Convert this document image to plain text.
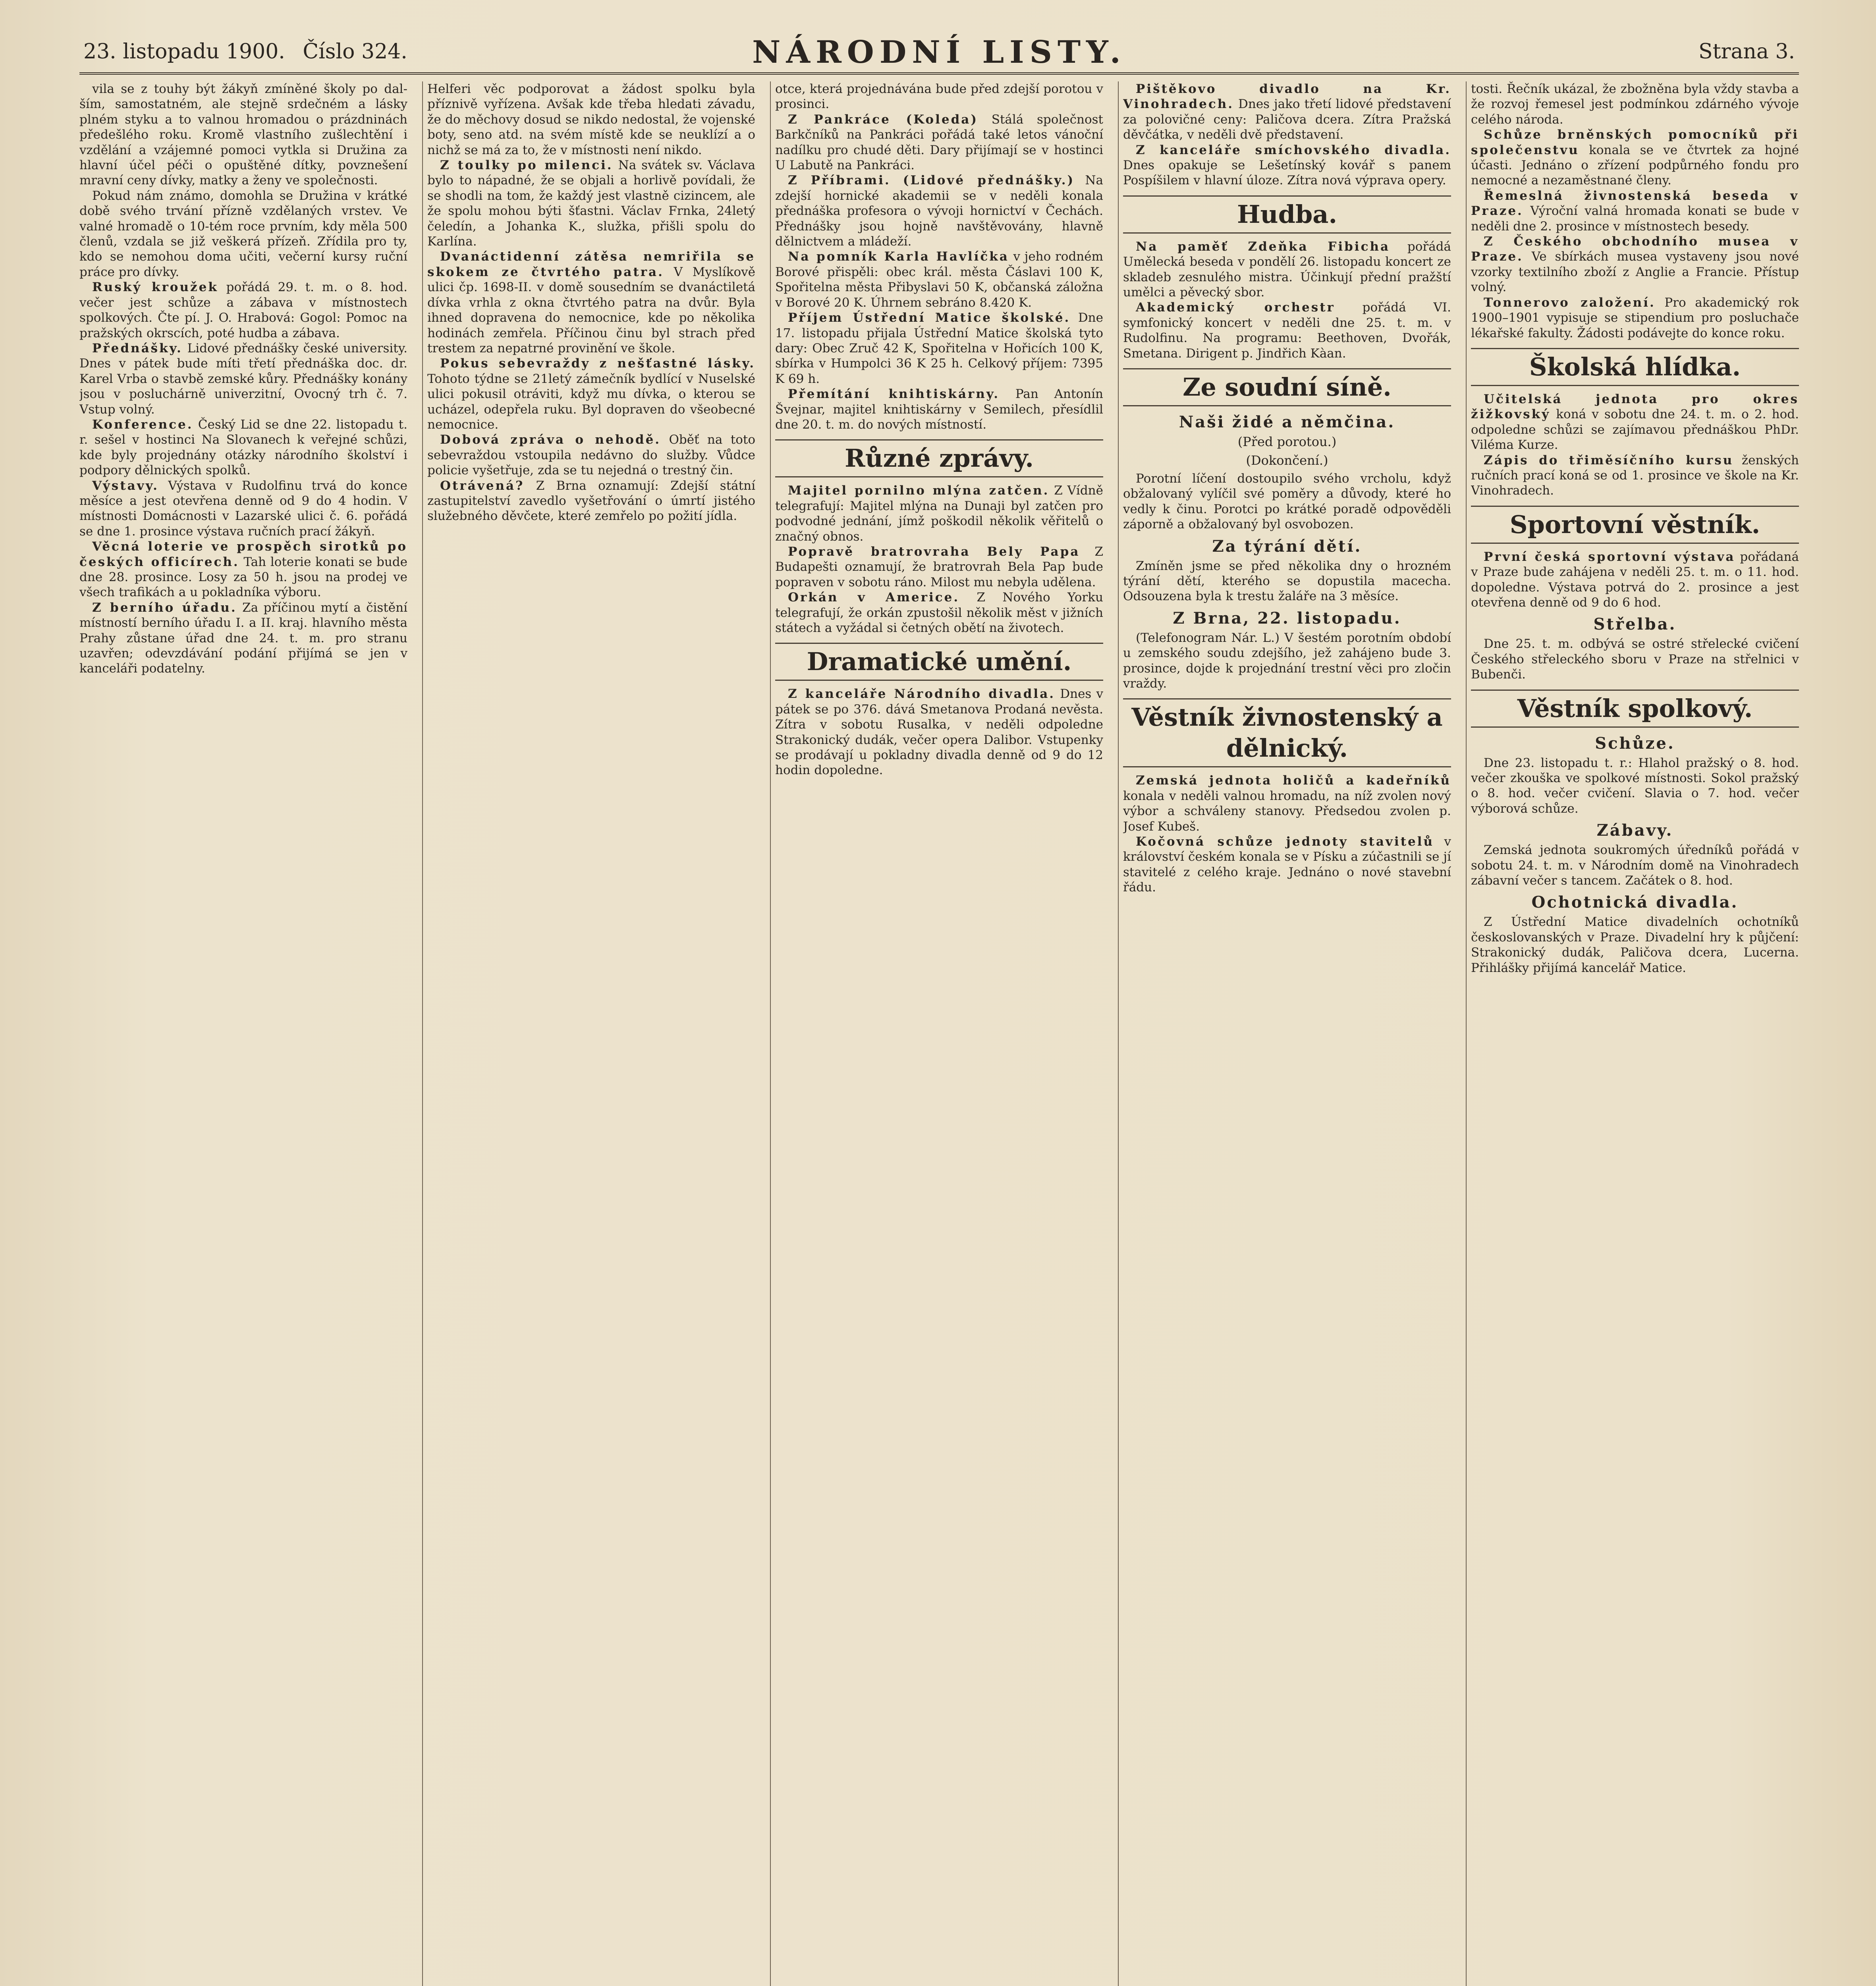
23. listopadu 1900. Číslo 324.	NÁRODNÍ LISTY.	Strana 3.

vila se z touhy být žákyň zmíněné školy po dal-ším, samostatném, ale stejně srdečném a lásky plném styku a to valnou hromadou o prázdninách předešlého roku. Kromě vlastního zušlechtění i vzdělání a vzájemné pomoci vytkla si Družina za hlavní účel péči o opuštěné dítky, povznešení mravní ceny dívky, matky a ženy ve společnosti.

Pokud nám známo, domohla se Družina v krátké době svého trvání přízně vzdělaných vrstev. Ve valné hromadě o 10-tém roce prvním, kdy měla 500 členů, vzdala se již veškerá přízeň. Zřídila pro ty, kdo se nemohou doma učiti, večerní kursy ruční práce pro dívky.

Ruský kroužek pořádá 29. t. m. o 8. hod. večer jest schůze a zábava v místnostech spolkových. Čte pí. J. O. Hrabová: Gogol: Pomoc na pražských okrscích, poté hudba a zábava.

Přednášky. Lidové přednášky české university. Dnes v pátek bude míti třetí přednáška doc. dr. Karel Vrba o stavbě zemské kůry. Přednášky konány jsou v posluchárně univerzitní, Ovocný trh č. 7. Vstup volný.

Konference. Český Lid se dne 22. listopadu t. r. sešel v hostinci Na Slovanech k veřejné schůzi, kde byly projednány otázky národního školství i podpory dělnických spolků.

Výstavy. Výstava v Rudolfinu trvá do konce měsíce a jest otevřena denně od 9 do 4 hodin. V místnosti Domácnosti v Lazarské ulici č. 6. pořádá se dne 1. prosince výstava ručních prací žákyň.

Věcná loterie ve prospěch sirotků po českých officírech. Tah loterie konati se bude dne 28. prosince. Losy za 50 h. jsou na prodej ve všech trafikách a u pokladníka výboru.

Z berního úřadu. Za příčinou mytí a čistění místností berního úřadu I. a II. kraj. hlavního města Prahy zůstane úřad dne 24. t. m. pro stranu uzavřen; odevzdávání podání přijímá se jen v kanceláři podatelny.

Helferi věc podporovat a žádost spolku byla příznivě vyřízena. Avšak kde třeba hledati závadu, že do měchovy dosud se nikdo nedostal, že vojenské boty, seno atd. na svém místě kde se neuklízí a o nichž se má za to, že v místnosti není nikdo.

Z toulky po milenci. Na svátek sv. Václava bylo to nápadné, že se objali a horlivě povídali, že se shodli na tom, že každý jest vlastně cizincem, ale že spolu mohou býti šťastni. Václav Frnka, 24letý čeledín, a Johanka K., služka, přišli spolu do Karlína.

Dvanáctidenní zátěsa nemriřila se skokem ze čtvrtého patra. V Myslíkově ulici čp. 1698-II. v domě sousedním se dvanáctiletá dívka vrhla z okna čtvrtého patra na dvůr. Byla ihned dopravena do nemocnice, kde po několika hodinách zemřela. Příčinou činu byl strach před trestem za nepatrné provinění ve škole.

Pokus sebevraždy z nešťastné lásky. Tohoto týdne se 21letý zámečník bydlící v Nuselské ulici pokusil otráviti, když mu dívka, o kterou se ucházel, odepřela ruku. Byl dopraven do všeobecné nemocnice.

Dobová zpráva o nehodě. Oběť na toto sebevraždou vstoupila nedávno do služby. Vůdce policie vyšetřuje, zda se tu nejedná o trestný čin.

Otrávená? Z Brna oznamují: Zdejší státní zastupitelství zavedlo vyšetřování o úmrtí jistého služebného děvčete, které zemřelo po požití jídla.

otce, která projednávána bude před zdejší porotou v prosinci.

Z Pankráce (Koleda) Stálá společnost Barkčníků na Pankráci pořádá také letos vánoční nadílku pro chudé děti. Dary přijímají se v hostinci U Labutě na Pankráci.

Z Příbrami. (Lidové přednášky.) Na zdejší hornické akademii se v neděli konala přednáška profesora o vývoji hornictví v Čechách. Přednášky jsou hojně navštěvovány, hlavně dělnictvem a mládeží.

Na pomník Karla Havlíčka v jeho rodném Borové přispěli: obec král. města Čáslavi 100 K, Spořitelna města Přibyslavi 50 K, občanská záložna v Borové 20 K. Úhrnem sebráno 8.420 K.

Příjem Ústřední Matice školské. Dne 17. listopadu přijala Ústřední Matice školská tyto dary: Obec Zruč 42 K, Spořitelna v Hořicích 100 K, sbírka v Humpolci 36 K 25 h. Celkový příjem: 7395 K 69 h.

Přemítání knihtiskárny. Pan Antonín Švejnar, majitel knihtiskárny v Semilech, přesídlil dne 20. t. m. do nových místností.

Různé zprávy.

Majitel pornilno mlýna zatčen. Z Vídně telegrafují: Majitel mlýna na Dunaji byl zatčen pro podvodné jednání, jímž poškodil několik věřitelů o značný obnos.

Popravě bratrovraha Bely Papa Z Budapešti oznamují, že bratrovrah Bela Pap bude popraven v sobotu ráno. Milost mu nebyla udělena.

Orkán v Americe. Z Nového Yorku telegrafují, že orkán zpustošil několik měst v jižních státech a vyžádal si četných obětí na životech.

Dramatické umění.

Z kanceláře Národního divadla. Dnes v pátek se po 376. dává Smetanova Prodaná nevěsta. Zítra v sobotu Rusalka, v neděli odpoledne Strakonický dudák, večer opera Dalibor. Vstupenky se prodávají u pokladny divadla denně od 9 do 12 hodin dopoledne.

Pištěkovo divadlo na Kr. Vinohradech. Dnes jako třetí lidové představení za polovičné ceny: Paličova dcera. Zítra Pražská děvčátka, v neděli dvě představení.

Z kanceláře smíchovského divadla. Dnes opakuje se Lešetínský kovář s panem Pospíšilem v hlavní úloze. Zítra nová výprava opery.

Hudba.

Na paměť Zdeňka Fibicha pořádá Umělecká beseda v pondělí 26. listopadu koncert ze skladeb zesnulého mistra. Účinkují přední pražští umělci a pěvecký sbor.

Akademický orchestr pořádá VI. symfonický koncert v neděli dne 25. t. m. v Rudolfinu. Na programu: Beethoven, Dvořák, Smetana. Dirigent p. Jindřich Kàan.

Ze soudní síně.
Naši židé a němčina.
(Před porotou.)
(Dokončení.)

Porotní líčení dostoupilo svého vrcholu, když obžalovaný vylíčil své poměry a důvody, které ho vedly k činu. Porotci po krátké poradě odpověděli záporně a obžalovaný byl osvobozen.

Za týrání dětí.

Zmíněn jsme se před několika dny o hrozném týrání dětí, kterého se dopustila macecha. Odsouzena byla k trestu žaláře na 3 měsíce.

Z Brna, 22. listopadu.

(Telefonogram Nár. L.) V šestém porotním období u zemského soudu zdejšího, jež zahájeno bude 3. prosince, dojde k projednání trestní věci pro zločin vraždy.

Věstník živnostenský a dělnický.

Zemská jednota holičů a kadeřníků konala v neděli valnou hromadu, na níž zvolen nový výbor a schváleny stanovy. Předsedou zvolen p. Josef Kubeš.

Kočovná schůze jednoty stavitelů v království českém konala se v Písku a zúčastnili se jí stavitelé z celého kraje. Jednáno o nové stavební řádu.

tosti. Řečník ukázal, že zbožněna byla vždy stavba a že rozvoj řemesel jest podmínkou zdárného vývoje celého národa.

Schůze brněnských pomocníků při společenstvu konala se ve čtvrtek za hojné účasti. Jednáno o zřízení podpůrného fondu pro nemocné a nezaměstnané členy.

Řemeslná živnostenská beseda v Praze. Výroční valná hromada konati se bude v neděli dne 2. prosince v místnostech besedy.

Z Českého obchodního musea v Praze. Ve sbírkách musea vystaveny jsou nové vzorky textilního zboží z Anglie a Francie. Přístup volný.

Tonnerovo založení. Pro akademický rok 1900–1901 vypisuje se stipendium pro posluchače lékařské fakulty. Žádosti podávejte do konce roku.

Školská hlídka.

Učitelská jednota pro okres žižkovský koná v sobotu dne 24. t. m. o 2. hod. odpoledne schůzi se zajímavou přednáškou PhDr. Viléma Kurze.

Zápis do třiměsíčního kursu ženských ručních prací koná se od 1. prosince ve škole na Kr. Vinohradech.

Sportovní věstník.

První česká sportovní výstava pořádaná v Praze bude zahájena v neděli 25. t. m. o 11. hod. dopoledne. Výstava potrvá do 2. prosince a jest otevřena denně od 9 do 6 hod.

Střelba.

Dne 25. t. m. odbývá se ostré střelecké cvičení Českého střeleckého sboru v Praze na střelnici v Bubenči.

Věstník spolkový.
Schůze.

Dne 23. listopadu t. r.: Hlahol pražský o 8. hod. večer zkouška ve spolkové místnosti. Sokol pražský o 8. hod. večer cvičení. Slavia o 7. hod. večer výborová schůze.

Zábavy.

Zemská jednota soukromých úředníků pořádá v sobotu 24. t. m. v Národním domě na Vinohradech zábavní večer s tancem. Začátek o 8. hod.

Ochotnická divadla.

Z Ústřední Matice divadelních ochotníků českoslovanských v Praze. Divadelní hry k půjčení: Strakonický dudák, Paličova dcera, Lucerna. Přihlášky přijímá kancelář Matice.
